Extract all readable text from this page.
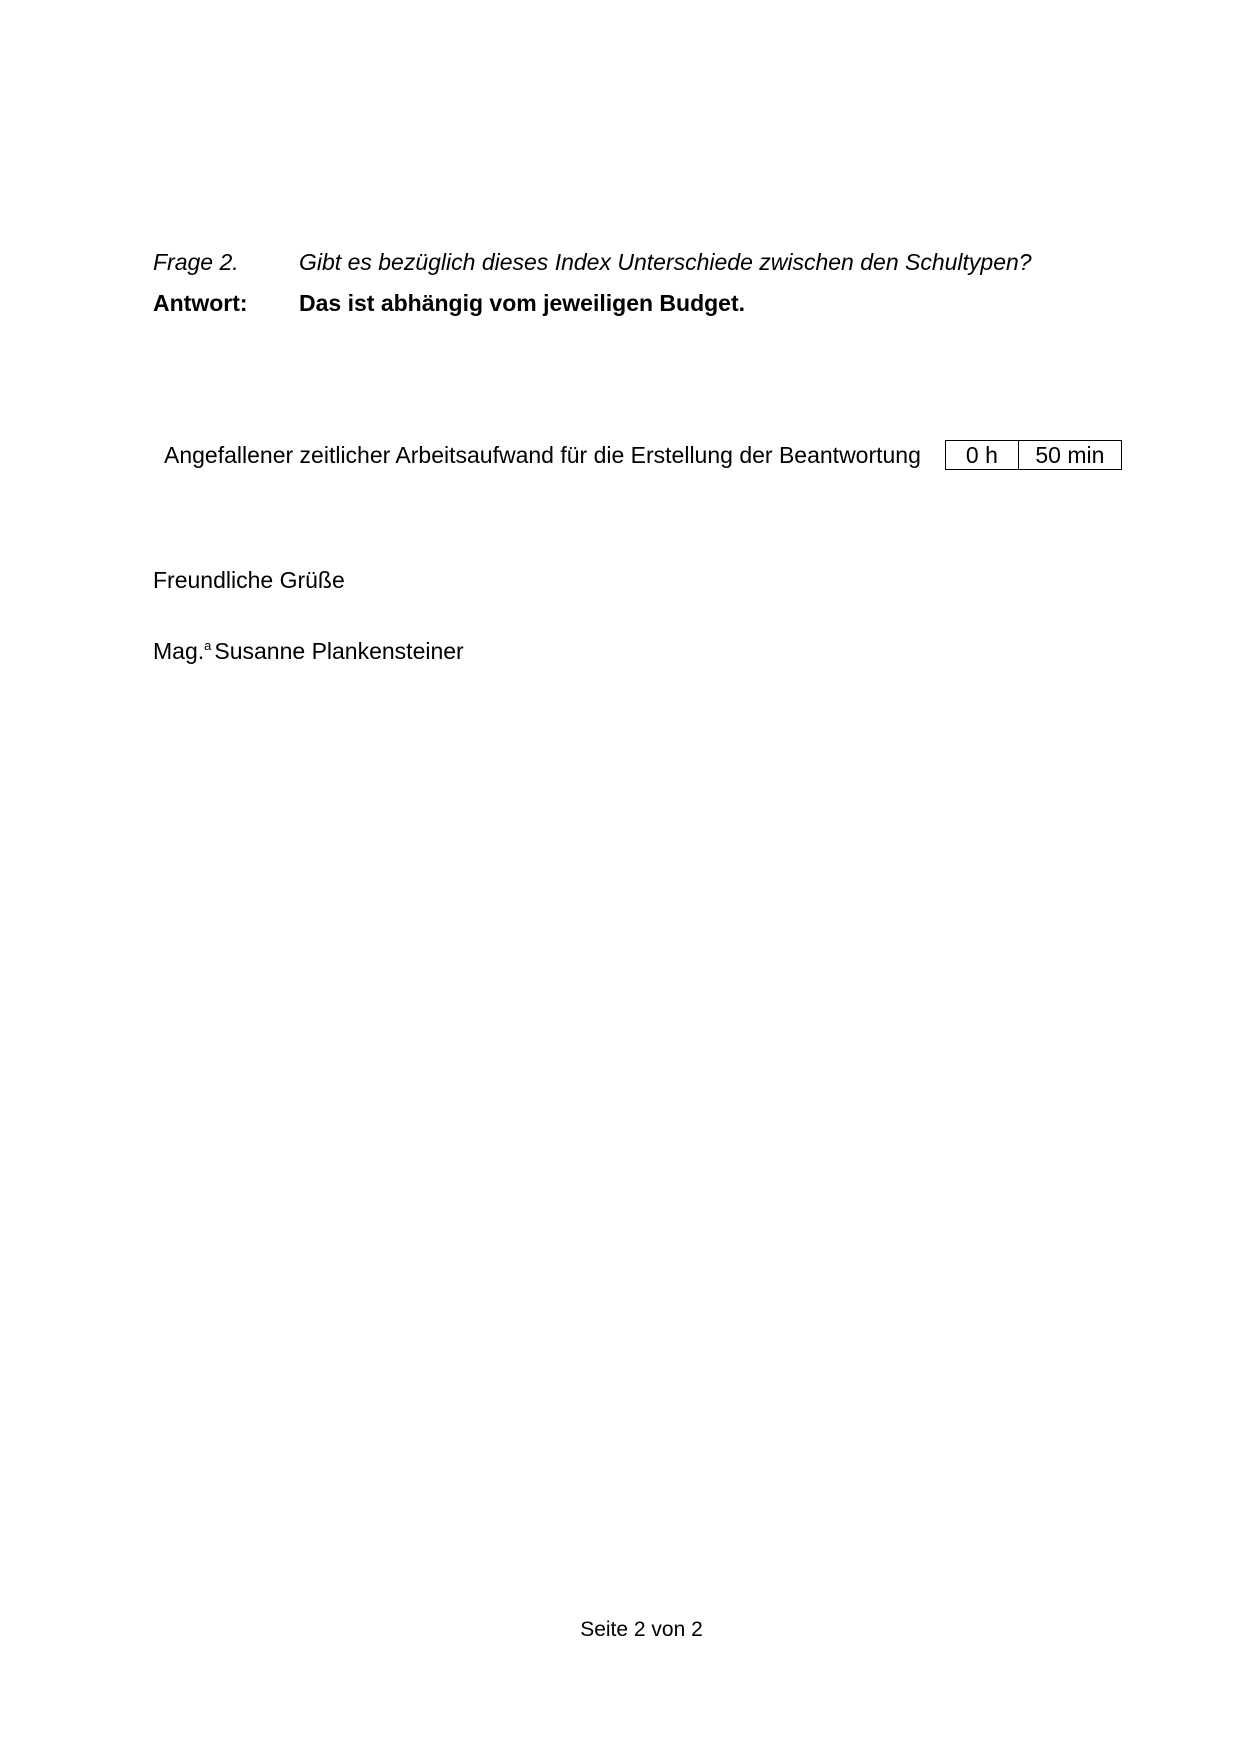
Frage 2.	Gibt es bezüglich dieses Index Unterschiede zwischen den Schultypen?
Antwort:	Das ist abhängig vom jeweiligen Budget.
Angefallener zeitlicher Arbeitsaufwand für die Erstellung der Beantwortung	0 h	50 min
Freundliche Grüße
Mag.$^a$ Susanne Plankensteiner
Seite 2 von 2
